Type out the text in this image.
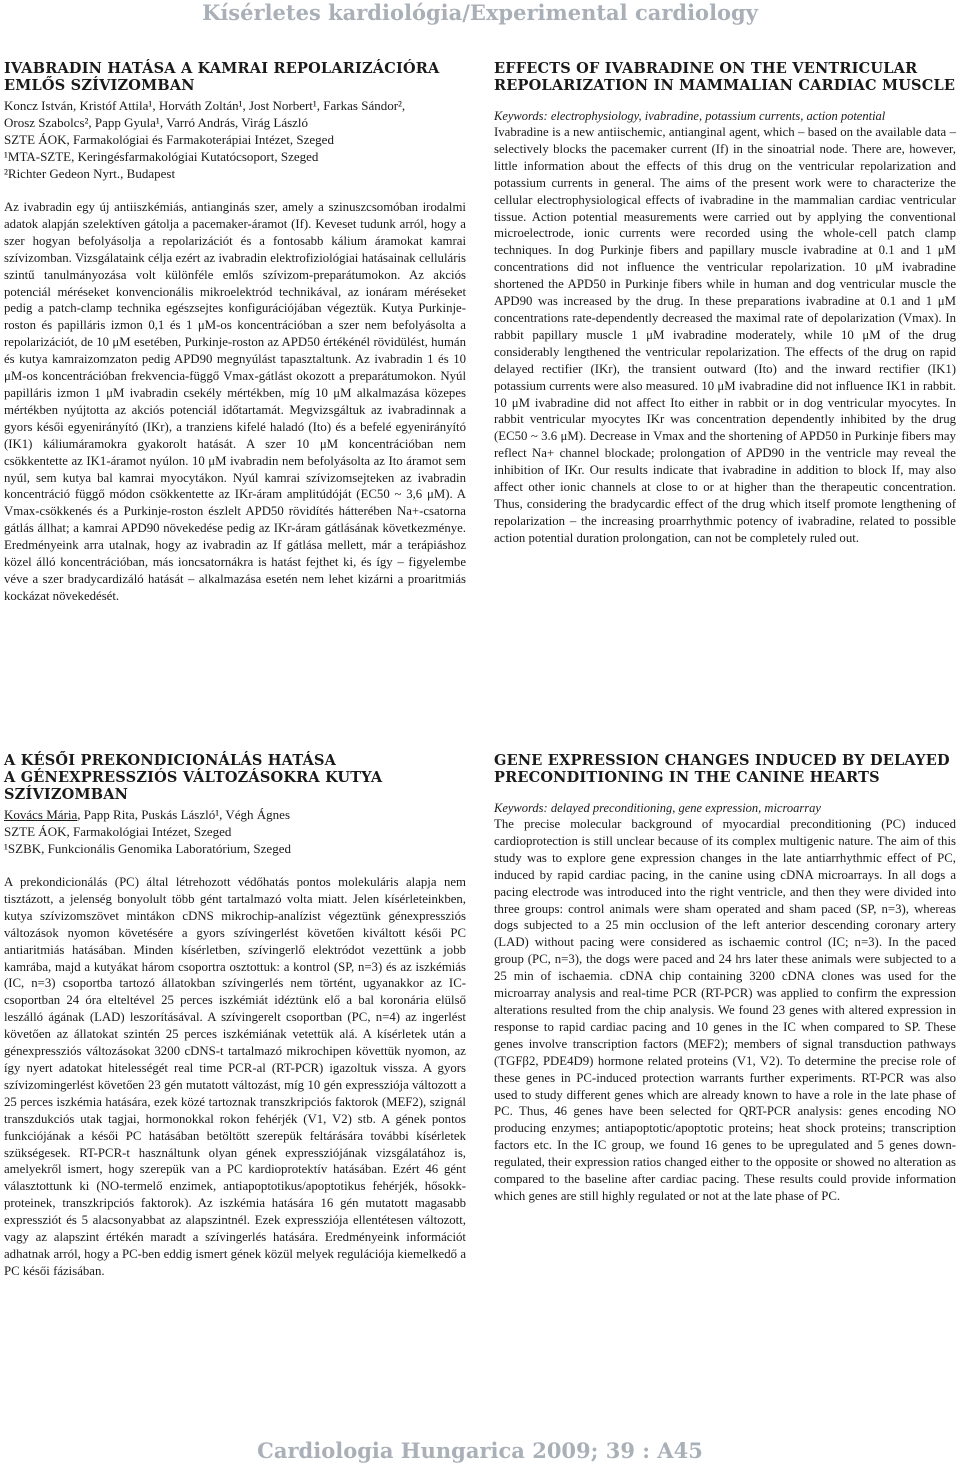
Kísérletes kardiológia/Experimental cardiology

IVABRADIN HATÁSA A KAMRAI REPOLARIZÁCIÓRA
EMLŐS SZÍVIZOMBAN

Koncz István, Kristóf Attila¹, Horváth Zoltán¹, Jost Norbert¹, Farkas Sándor²,
Orosz Szabolcs², Papp Gyula¹, Varró András, Virág László

SZTE ÁOK, Farmakológiai és Farmakoterápiai Intézet, Szeged
¹MTA-SZTE, Keringésfarmakológiai Kutatócsoport, Szeged
²Richter Gedeon Nyrt., Budapest

Az ivabradin egy új antiiszkémiás, antianginás szer, amely a szinuszcsomóban irodalmi adatok alapján szelektíven gátolja a pacemaker-áramot (If). Keveset tudunk arról, hogy a szer hogyan befolyásolja a repolarizációt és a fontosabb kálium áramokat kamrai szívizomban. Vizsgálataink célja ezért az ivabradin elektrofiziológiai hatásainak celluláris szintű tanulmányozása volt különféle emlős szívizom-preparátumokon. Az akciós potenciál méréseket konvencionális mikroelektród technikával, az ionáram méréseket pedig a patch-clamp technika egészsejtes konfigurációjában végeztük. Kutya Purkinje-roston és papilláris izmon 0,1 és 1 μM-os koncentrációban a szer nem befolyásolta a repolarizációt, de 10 μM esetében, Purkinje-roston az APD50 értékénél rövidülést, humán és kutya kamraizomzaton pedig APD90 megnyúlást tapasztaltunk. Az ivabradin 1 és 10 μM-os koncentrációban frekvencia-függő Vmax-gátlást okozott a preparátumokon. Nyúl papilláris izmon 1 μM ivabradin csekély mértékben, míg 10 μM alkalmazása közepes mértékben nyújtotta az akciós potenciál időtartamát. Megvizsgáltuk az ivabradinnak a gyors késői egyenirányító (IKr), a tranziens kifelé haladó (Ito) és a befelé egyenirányító (IK1) káliumáramokra gyakorolt hatását. A szer 10 μM koncentrációban nem csökkentette az IK1-áramot nyúlon. 10 μM ivabradin nem befolyásolta az Ito áramot sem nyúl, sem kutya bal kamrai myocytákon. Nyúl kamrai szívizomsejteken az ivabradin koncentráció függő módon csökkentette az IKr-áram amplitúdóját (EC50 ~ 3,6 μM). A Vmax-csökkenés és a Purkinje-roston észlelt APD50 rövidítés hátterében Na+-csatorna gátlás állhat; a kamrai APD90 növekedése pedig az IKr-áram gátlásának következménye. Eredményeink arra utalnak, hogy az ivabradin az If gátlása mellett, már a terápiáshoz közel álló koncentrációban, más ioncsatornákra is hatást fejthet ki, és így – figyelembe véve a szer bradycardizáló hatását – alkalmazása esetén nem lehet kizárni a proaritmiás kockázat növekedését.

EFFECTS OF IVABRADINE ON THE VENTRICULAR
REPOLARIZATION IN MAMMALIAN CARDIAC MUSCLE

Keywords: electrophysiology, ivabradine, potassium currents, action potential

Ivabradine is a new antiischemic, antianginal agent, which – based on the available data – selectively blocks the pacemaker current (If) in the sinoatrial node. There are, however, little information about the effects of this drug on the ventricular repolarization and potassium currents in general. The aims of the present work were to characterize the cellular electrophysiological effects of ivabradine in the mammalian cardiac ventricular tissue. Action potential measurements were carried out by applying the conventional microelectrode, ionic currents were recorded using the whole-cell patch clamp techniques. In dog Purkinje fibers and papillary muscle ivabradine at 0.1 and 1 μM concentrations did not influence the ventricular repolarization. 10 μM ivabradine shortened the APD50 in Purkinje fibers while in human and dog ventricular muscle the APD90 was increased by the drug. In these preparations ivabradine at 0.1 and 1 μM concentrations rate-dependently decreased the maximal rate of depolarization (Vmax). In rabbit papillary muscle 1 μM ivabradine moderately, while 10 μM of the drug considerably lengthened the ventricular repolarization. The effects of the drug on rapid delayed rectifier (IKr), the transient outward (Ito) and the inward rectifier (IK1) potassium currents were also measured. 10 μM ivabradine did not influence IK1 in rabbit. 10 μM ivabradine did not affect Ito either in rabbit or in dog ventricular myocytes. In rabbit ventricular myocytes IKr was concentration dependently inhibited by the drug (EC50 ~ 3.6 μM). Decrease in Vmax and the shortening of APD50 in Purkinje fibers may reflect Na+ channel blockade; prolongation of APD90 in the ventricle may reveal the inhibition of IKr. Our results indicate that ivabradine in addition to block If, may also affect other ionic channels at close to or at higher than the therapeutic concentration. Thus, considering the bradycardic effect of the drug which itself promote lengthening of repolarization – the increasing proarrhythmic potency of ivabradine, related to possible action potential duration prolongation, can not be completely ruled out.

A KÉSŐI PREKONDICIONÁLÁS HATÁSA
A GÉNEXPRESSZIÓS VÁLTOZÁSOKRA KUTYA
SZÍVIZOMBAN

Kovács Mária, Papp Rita, Puskás László¹, Végh Ágnes

SZTE ÁOK, Farmakológiai Intézet, Szeged
¹SZBK, Funkcionális Genomika Laboratórium, Szeged

A prekondicionálás (PC) által létrehozott védőhatás pontos molekuláris alapja nem tisztázott, a jelenség bonyolult több gént tartalmazó volta miatt. Jelen kísérleteinkben, kutya szívizomszövet mintákon cDNS mikrochip-analízist végeztünk génexpressziós változások nyomon követésére a gyors szívingerlést követően kiváltott késői PC antiaritmiás hatásában. Minden kísérletben, szívingerlő elektródot vezettünk a jobb kamrába, majd a kutyákat három csoportra osztottuk: a kontrol (SP, n=3) és az iszkémiás (IC, n=3) csoportba tartozó állatokban szívingerlés nem történt, ugyanakkor az IC-csoportban 24 óra elteltével 25 perces iszkémiát idéztünk elő a bal koronária elülső leszálló ágának (LAD) leszorításával. A szívingerelt csoportban (PC, n=4) az ingerlést követően az állatokat szintén 25 perces iszkémiának vetettük alá. A kísérletek után a génexpressziós változásokat 3200 cDNS-t tartalmazó mikrochipen követtük nyomon, az így nyert adatokat hitelességét real time PCR-al (RT-PCR) igazoltuk vissza. A gyors szívizomingerlést követően 23 gén mutatott változást, míg 10 gén expressziója változott a 25 perces iszkémia hatására, ezek közé tartoznak transzkripciós faktorok (MEF2), szignál transzdukciós utak tagjai, hormonokkal rokon fehérjék (V1, V2) stb. A gének pontos funkciójának a késői PC hatásában betöltött szerepük feltárására további kísérletek szükségesek. RT-PCR-t használtunk olyan gének expressziójának vizsgálatához is, amelyekről ismert, hogy szerepük van a PC kardioprotektív hatásában. Ezért 46 gént választottunk ki (NO-termelő enzimek, antiapoptotikus/apoptotikus fehérjék, hősokk-proteinek, transzkripciós faktorok). Az iszkémia hatására 16 gén mutatott magasabb expressziót és 5 alacsonyabbat az alapszintnél. Ezek expressziója ellentétesen változott, vagy az alapszint értékén maradt a szívingerlés hatására. Eredményeink információt adhatnak arról, hogy a PC-ben eddig ismert gének közül melyek regulációja kiemelkedő a PC késői fázisában.

GENE EXPRESSION CHANGES INDUCED BY DELAYED
PRECONDITIONING IN THE CANINE HEARTS

Keywords: delayed preconditioning, gene expression, microarray

The precise molecular background of myocardial preconditioning (PC) induced cardioprotection is still unclear because of its complex multigenic nature. The aim of this study was to explore gene expression changes in the late antiarrhythmic effect of PC, induced by rapid cardiac pacing, in the canine using cDNA microarrays. In all dogs a pacing electrode was introduced into the right ventricle, and then they were divided into three groups: control animals were sham operated and sham paced (SP, n=3), whereas dogs subjected to a 25 min occlusion of the left anterior descending coronary artery (LAD) without pacing were considered as ischaemic control (IC; n=3). In the paced group (PC, n=3), the dogs were paced and 24 hrs later these animals were subjected to a 25 min of ischaemia. cDNA chip containing 3200 cDNA clones was used for the microarray analysis and real-time PCR (RT-PCR) was applied to confirm the expression alterations resulted from the chip analysis. We found 23 genes with altered expression in response to rapid cardiac pacing and 10 genes in the IC when compared to SP. These genes involve transcription factors (MEF2); members of signal transduction pathways (TGFβ2, PDE4D9) hormone related proteins (V1, V2). To determine the precise role of these genes in PC-induced protection warrants further experiments. RT-PCR was also used to study different genes which are already known to have a role in the late phase of PC. Thus, 46 genes have been selected for QRT-PCR analysis: genes encoding NO producing enzymes; antiapoptotic/apoptotic proteins; heat shock proteins; transcription factors etc. In the IC group, we found 16 genes to be upregulated and 5 genes down-regulated, their expression ratios changed either to the opposite or showed no alteration as compared to the baseline after cardiac pacing. These results could provide information which genes are still highly regulated or not at the late phase of PC.

Cardiologia Hungarica 2009; 39 : A45
